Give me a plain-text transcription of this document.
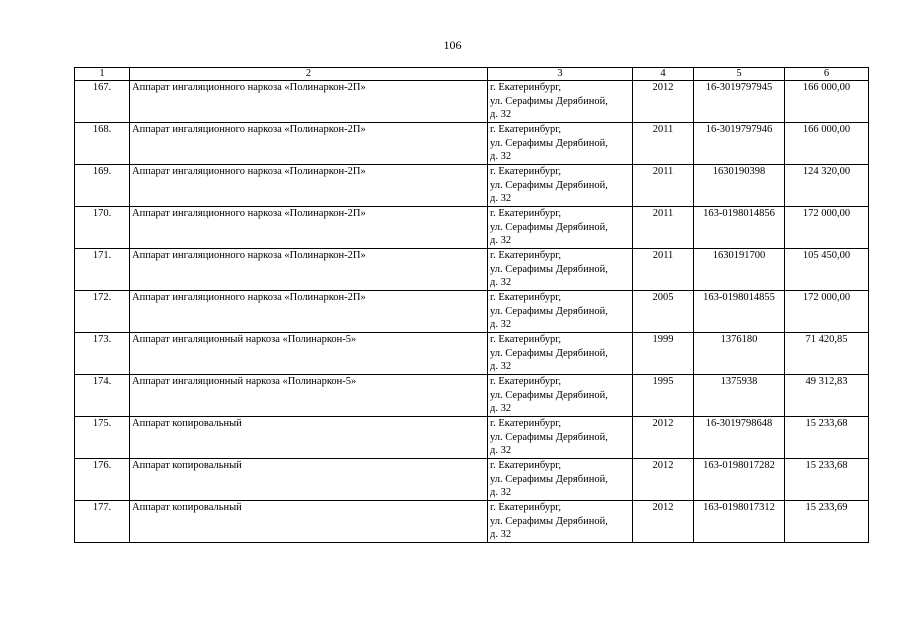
106
1	2	3	4	5	6
167.	Аппарат ингаляционного наркоза «Полинаркон-2П»	г. Екатеринбург,
ул. Серафимы Дерябиной,
д. 32	2012	16-3019797945	166 000,00
168.	Аппарат ингаляционного наркоза «Полинаркон-2П»	г. Екатеринбург,
ул. Серафимы Дерябиной,
д. 32	2011	16-3019797946	166 000,00
169.	Аппарат ингаляционного наркоза «Полинаркон-2П»	г. Екатеринбург,
ул. Серафимы Дерябиной,
д. 32	2011	1630190398	124 320,00
170.	Аппарат ингаляционного наркоза «Полинаркон-2П»	г. Екатеринбург,
ул. Серафимы Дерябиной,
д. 32	2011	163-0198014856	172 000,00
171.	Аппарат ингаляционного наркоза «Полинаркон-2П»	г. Екатеринбург,
ул. Серафимы Дерябиной,
д. 32	2011	1630191700	105 450,00
172.	Аппарат ингаляционного наркоза «Полинаркон-2П»	г. Екатеринбург,
ул. Серафимы Дерябиной,
д. 32	2005	163-0198014855	172 000,00
173.	Аппарат ингаляционный наркоза «Полинаркон-5»	г. Екатеринбург,
ул. Серафимы Дерябиной,
д. 32	1999	1376180	71 420,85
174.	Аппарат ингаляционный наркоза «Полинаркон-5»	г. Екатеринбург,
ул. Серафимы Дерябиной,
д. 32	1995	1375938	49 312,83
175.	Аппарат копировальный	г. Екатеринбург,
ул. Серафимы Дерябиной,
д. 32	2012	16-3019798648	15 233,68
176.	Аппарат копировальный	г. Екатеринбург,
ул. Серафимы Дерябиной,
д. 32	2012	163-0198017282	15 233,68
177.	Аппарат копировальный	г. Екатеринбург,
ул. Серафимы Дерябиной,
д. 32	2012	163-0198017312	15 233,69
